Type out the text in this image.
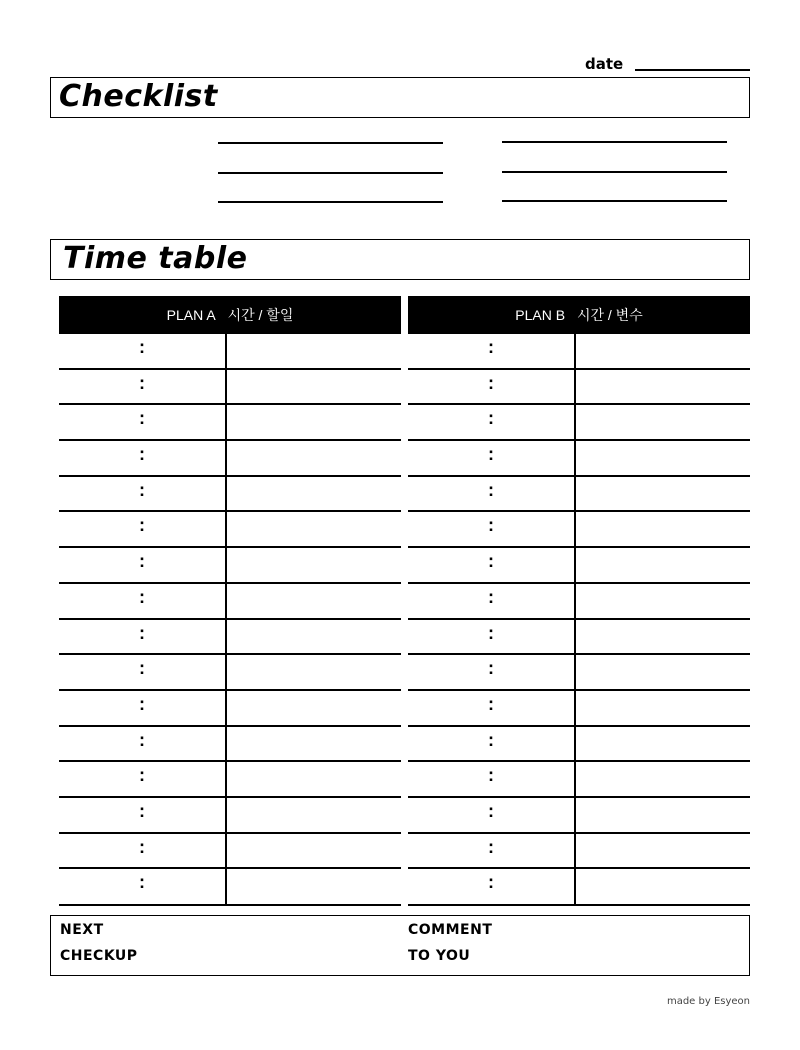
date
Checklist
Time table
PLAN A 시간 / 할일
:
:
:
:
:
:
:
:
:
:
:
:
:
:
:
:
PLAN B 시간 / 변수
:
:
:
:
:
:
:
:
:
:
:
:
:
:
:
:
NEXT
CHECKUP
COMMENT
TO YOU
made by Esyeon
